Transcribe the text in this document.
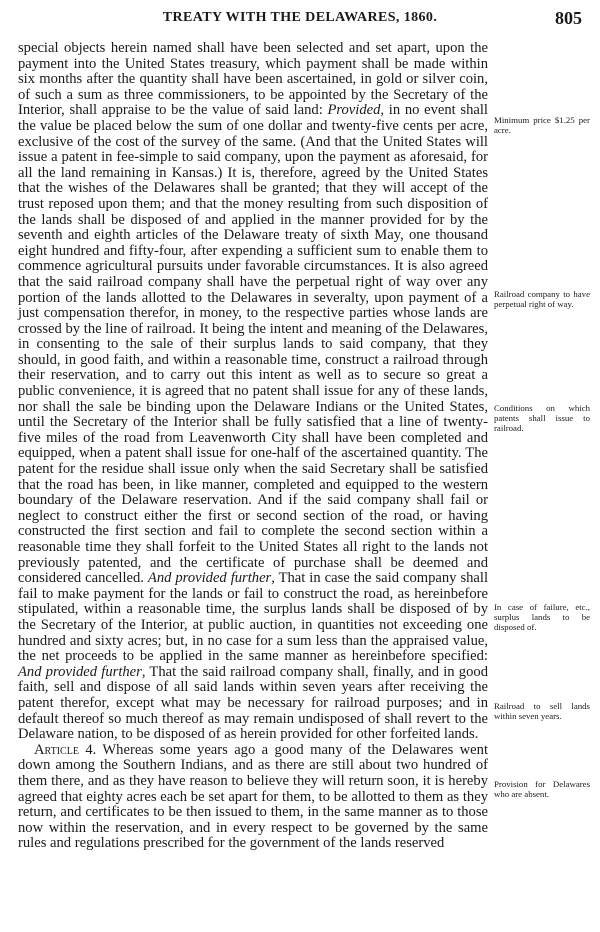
TREATY WITH THE DELAWARES, 1860.	805

special objects herein named shall have been selected and set apart, upon the payment into the United States treasury, which payment shall be made within six months after the quantity shall have been ascertained, in gold or silver coin, of such a sum as three commissioners, to be appointed by the Secretary of the Interior, shall appraise to be the value of said land: Provided, in no event shall the value be placed below the sum of one dollar and twenty-five cents per acre, exclusive of the cost of the survey of the same. (And that the United States will issue a patent in fee-simple to said company, upon the payment as aforesaid, for all the land remaining in Kansas.) It is, therefore, agreed by the United States that the wishes of the Delawares shall be granted; that they will accept of the trust reposed upon them; and that the money resulting from such disposition of the lands shall be disposed of and applied in the manner provided for by the seventh and eighth articles of the Delaware treaty of sixth May, one thousand eight hundred and fifty-four, after expending a sufficient sum to enable them to commence agricultural pursuits under favorable circumstances. It is also agreed that the said railroad company shall have the perpetual right of way over any portion of the lands allotted to the Delawares in severalty, upon payment of a just compensation therefor, in money, to the respective parties whose lands are crossed by the line of railroad. It being the intent and meaning of the Delawares, in consenting to the sale of their surplus lands to said company, that they should, in good faith, and within a reasonable time, construct a railroad through their reservation, and to carry out this intent as well as to secure so great a public convenience, it is agreed that no patent shall issue for any of these lands, nor shall the sale be binding upon the Delaware Indians or the United States, until the Secretary of the Interior shall be fully satisfied that a line of twenty-five miles of the road from Leavenworth City shall have been completed and equipped, when a patent shall issue for one-half of the ascertained quantity. The patent for the residue shall issue only when the said Secretary shall be satisfied that the road has been, in like manner, completed and equipped to the western boundary of the Delaware reservation. And if the said company shall fail or neglect to construct either the first or second section of the road, or having constructed the first section and fail to complete the second section within a reasonable time they shall forfeit to the United States all right to the lands not previously patented, and the certificate of purchase shall be deemed and considered cancelled. And provided further, That in case the said company shall fail to make payment for the lands or fail to construct the road, as hereinbefore stipulated, within a reasonable time, the surplus lands shall be disposed of by the Secretary of the Interior, at public auction, in quantities not exceeding one hundred and sixty acres; but, in no case for a sum less than the appraised value, the net proceeds to be applied in the same manner as hereinbefore specified: And provided further, That the said railroad company shall, finally, and in good faith, sell and dispose of all said lands within seven years after receiving the patent therefor, except what may be necessary for railroad purposes; and in default thereof so much thereof as may remain undisposed of shall revert to the Delaware nation, to be disposed of as herein provided for other forfeited lands.

Article 4. Whereas some years ago a good many of the Delawares went down among the Southern Indians, and as there are still about two hundred of them there, and as they have reason to believe they will return soon, it is hereby agreed that eighty acres each be set apart for them, to be allotted to them as they return, and certificates to be then issued to them, in the same manner as to those now within the reservation, and in every respect to be governed by the same rules and regulations prescribed for the government of the lands reserved

Minimum price $1.25 per acre.
Railroad company to have perpetual right of way.
Conditions on which patents shall issue to railroad.
In case of failure, etc., surplus lands to be disposed of.
Railroad to sell lands within seven years.
Provision for Delawares who are absent.
